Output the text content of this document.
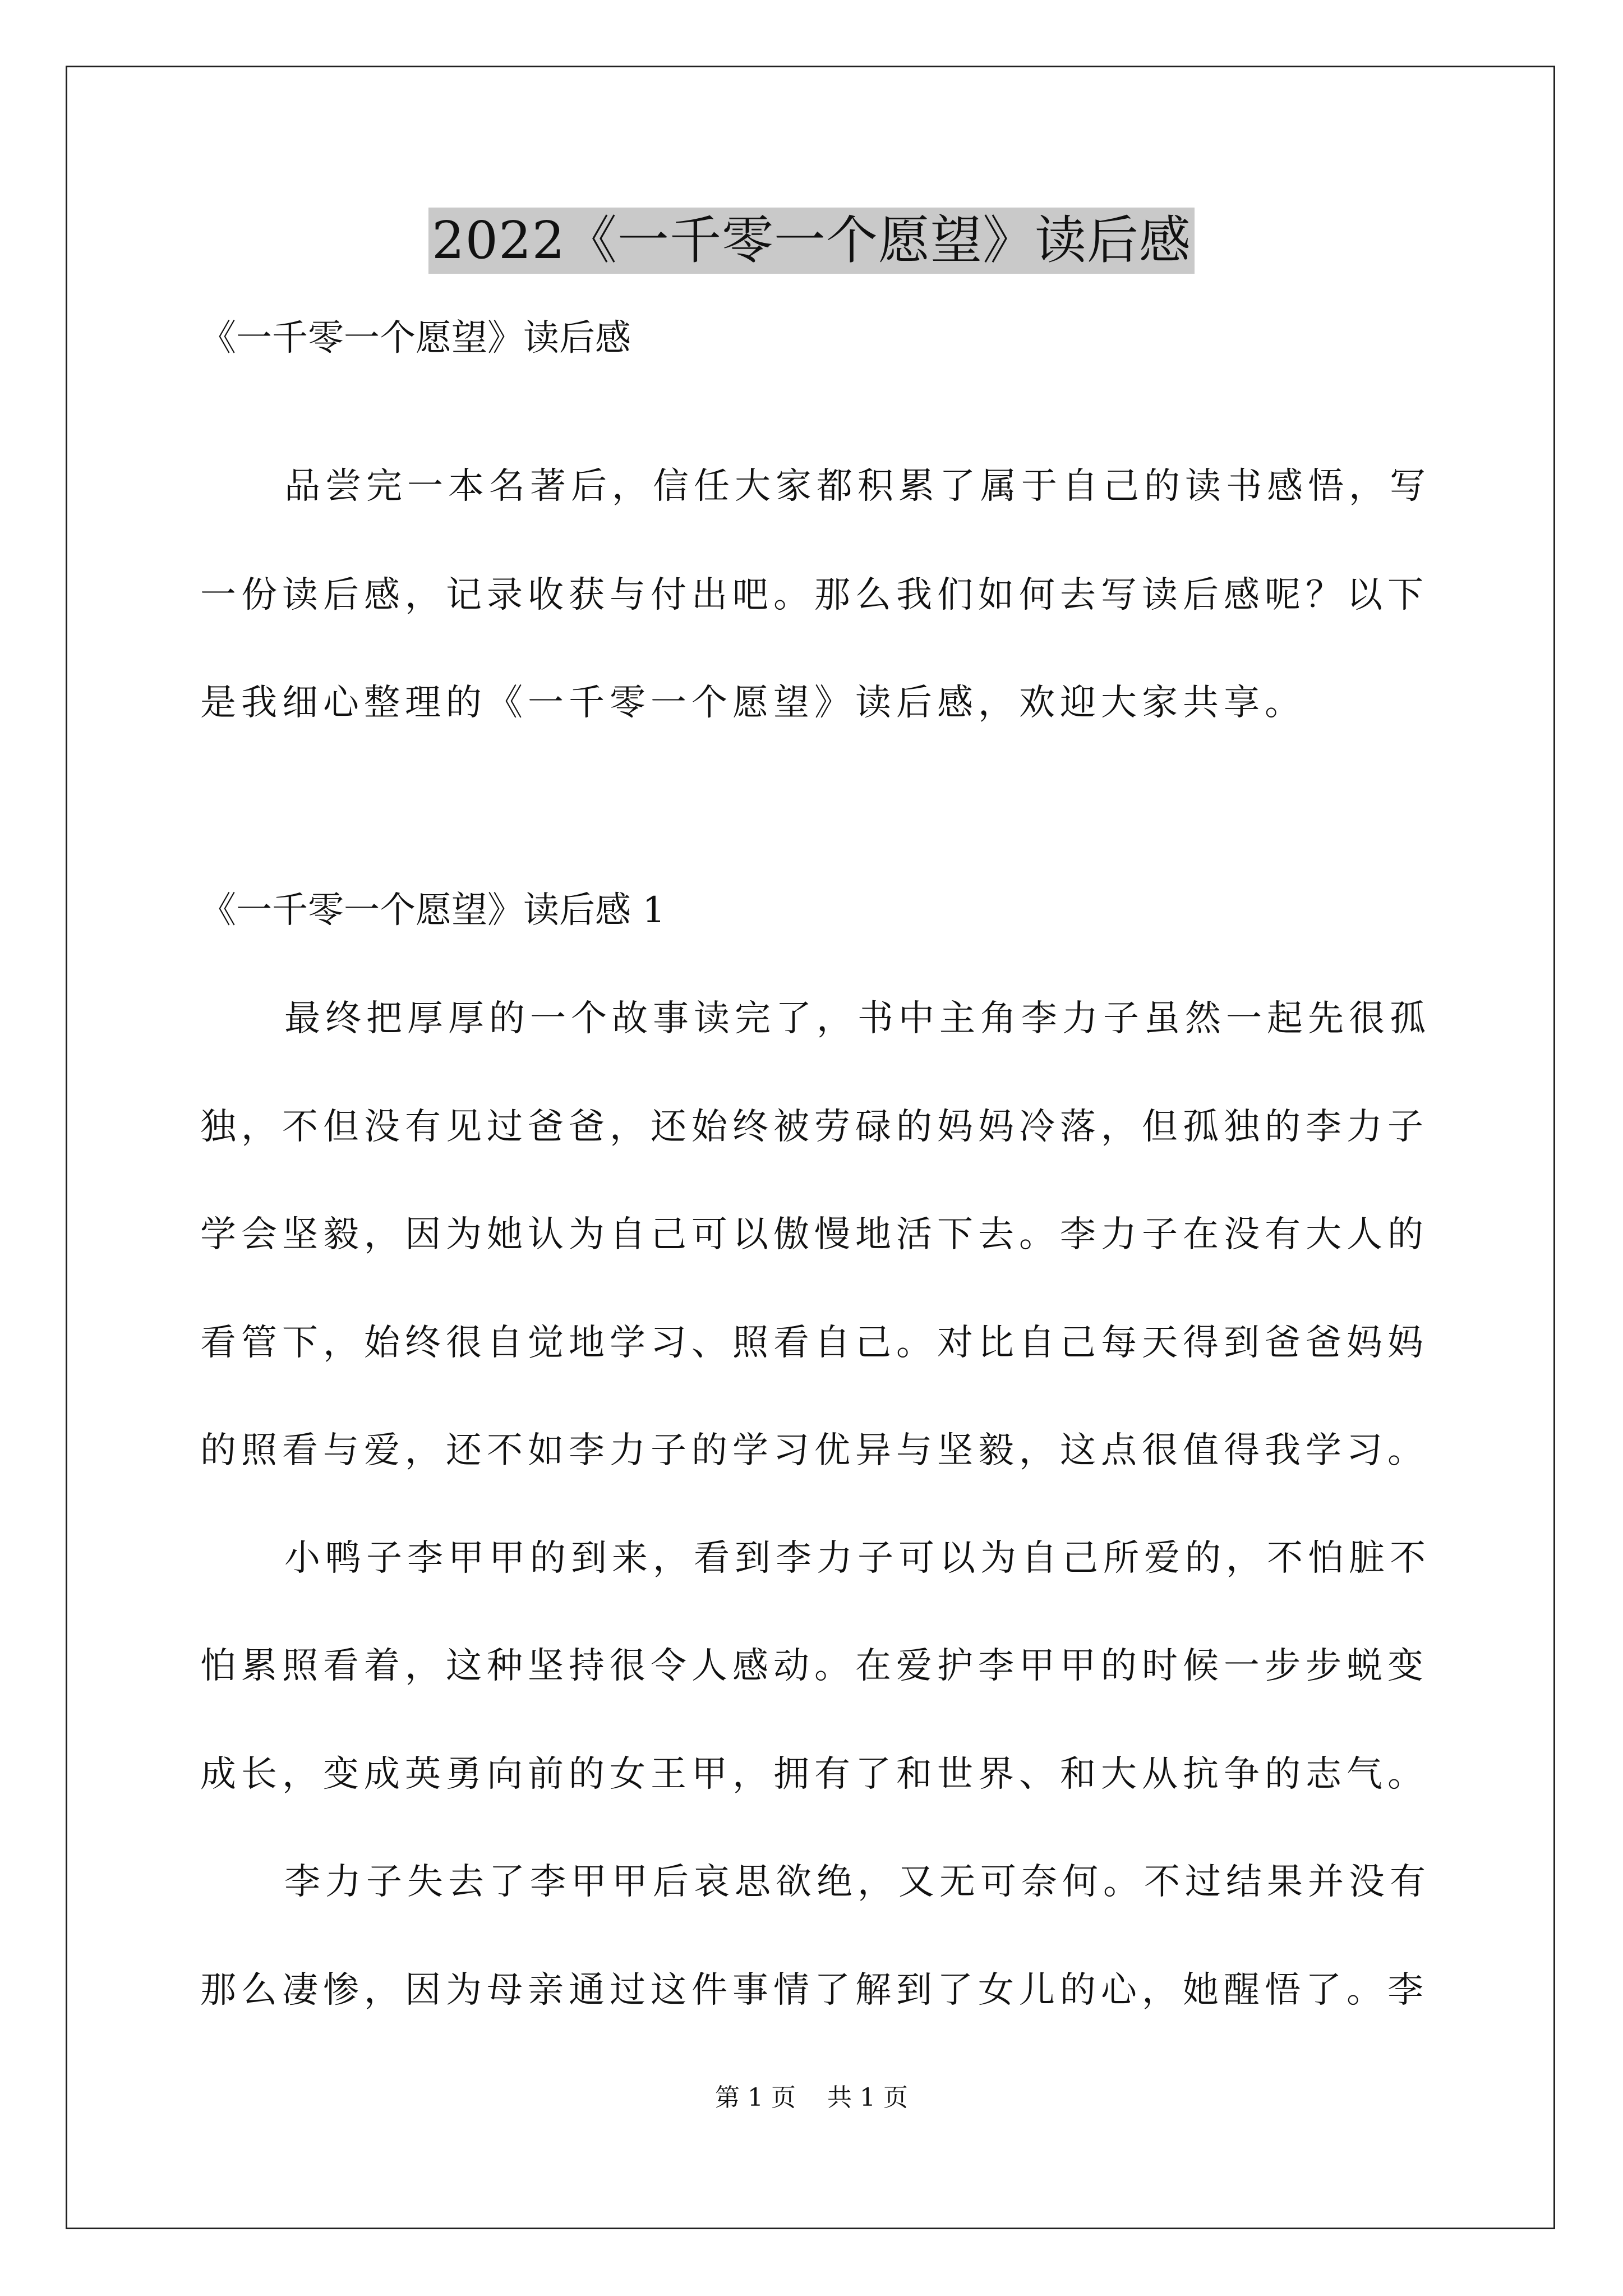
2022《一千零一个愿望》读后感
《一千零一个愿望》读后感
品尝完一本名著后，信任大家都积累了属于自己的读书感悟，写
一份读后感，记录收获与付出吧。那么我们如何去写读后感呢？以下
是我细心整理的《一千零一个愿望》读后感，欢迎大家共享。
《一千零一个愿望》读后感 1
最终把厚厚的一个故事读完了，书中主角李力子虽然一起先很孤
独，不但没有见过爸爸，还始终被劳碌的妈妈冷落，但孤独的李力子
学会坚毅，因为她认为自己可以傲慢地活下去。李力子在没有大人的
看管下，始终很自觉地学习、照看自己。对比自己每天得到爸爸妈妈
的照看与爱，还不如李力子的学习优异与坚毅，这点很值得我学习。
小鸭子李甲甲的到来，看到李力子可以为自己所爱的，不怕脏不
怕累照看着，这种坚持很令人感动。在爱护李甲甲的时候一步步蜕变
成长，变成英勇向前的女王甲，拥有了和世界、和大从抗争的志气。
李力子失去了李甲甲后哀思欲绝，又无可奈何。不过结果并没有
那么凄惨，因为母亲通过这件事情了解到了女儿的心，她醒悟了。李
第 1 页 共 1 页
